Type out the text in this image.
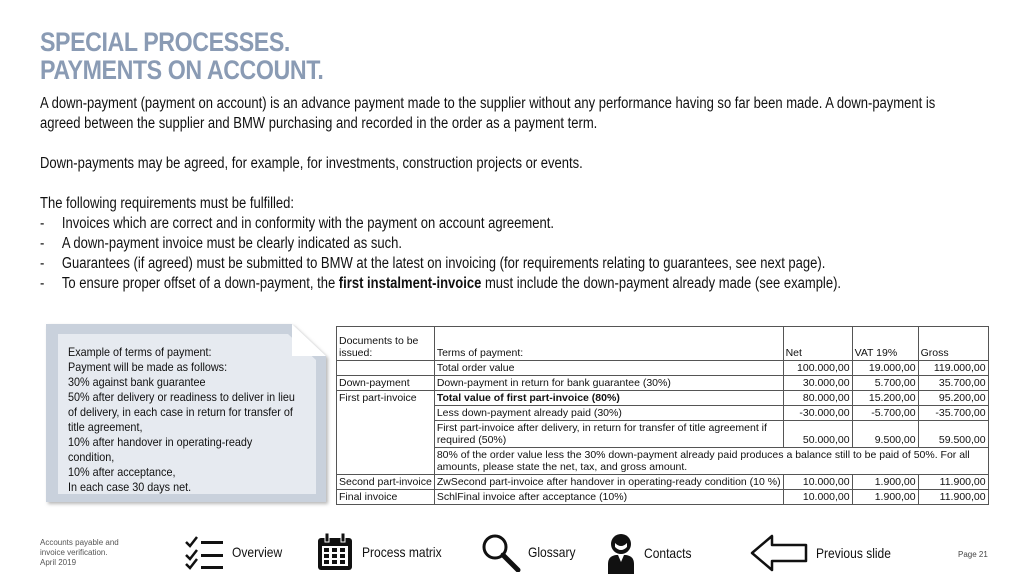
SPECIAL PROCESSES.
PAYMENTS ON ACCOUNT.

A down-payment (payment on account) is an advance payment made to the supplier without any performance having so far been made. A down-payment is agreed between the supplier and BMW purchasing and recorded in the order as a payment term.

Down-payments may be agreed, for example, for investments, construction projects or events.

The following requirements must be fulfilled:

-	Invoices which are correct and in conformity with the payment on account agreement.
-	A down-payment invoice must be clearly indicated as such.
-	Guarantees (if agreed) must be submitted to BMW at the latest on invoicing (for requirements relating to guarantees, see next page).
-	To ensure proper offset of a down-payment, the first instalment-invoice must include the down-payment already made (see example).
Example of terms of payment:
Payment will be made as follows:
30% against bank guarantee
50% after delivery or readiness to deliver in lieu
of delivery, in each case in return for transfer of
title agreement,
10% after handover in operating-ready
condition,
10% after acceptance,
In each case 30 days net.
Documents to be issued:	Terms of payment:	Net	VAT 19%	Gross
	Total order value	100.000,00	19.000,00	119.000,00
Down-payment	Down-payment in return for bank guarantee (30%)	30.000,00	5.700,00	35.700,00
First part-invoice	Total value of first part-invoice (80%)	80.000,00	15.200,00	95.200,00
	Less down-payment already paid (30%)	-30.000,00	-5.700,00	-35.700,00
	First part-invoice after delivery, in return for transfer of title agreement if required (50%)	50.000,00	9.500,00	59.500,00
	80% of the order value less the 30% down-payment already paid produces a balance still to be paid of 50%. For all amounts, please state the net, tax, and gross amount.			
Second part-invoice	ZwSecond part-invoice after handover in operating-ready condition (10 %)	10.000,00	1.900,00	11.900,00
Final invoice	SchlFinal invoice after acceptance (10%)	10.000,00	1.900,00	11.900,00
Accounts payable and
invoice verification.
April 2019
Overview	Process matrix	Glossary	Contacts	Previous slide	Page 21
